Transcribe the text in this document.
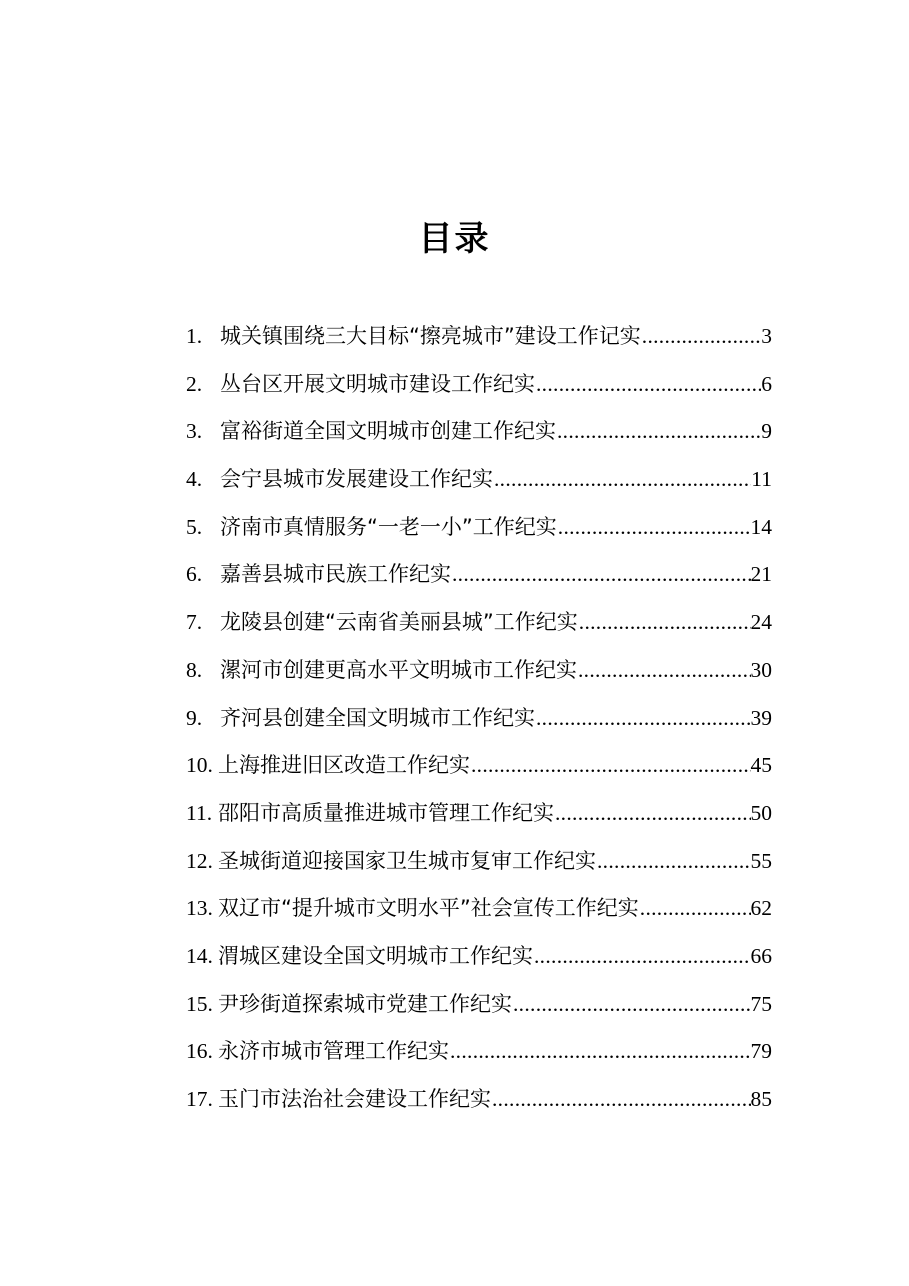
目录
1. 城关镇围绕三大目标“擦亮城市”建设工作记实 .....	3
2. 丛台区开展文明城市建设工作纪实 .....	6
3. 富裕街道全国文明城市创建工作纪实 .....	9
4. 会宁县城市发展建设工作纪实 .....	11
5. 济南市真情服务“一老一小”工作纪实 .....	14
6. 嘉善县城市民族工作纪实 .....	21
7. 龙陵县创建“云南省美丽县城”工作纪实 .....	24
8. 漯河市创建更高水平文明城市工作纪实 .....	30
9. 齐河县创建全国文明城市工作纪实 .....	39
10. 上海推进旧区改造工作纪实 .....	45
11. 邵阳市高质量推进城市管理工作纪实 .....	50
12. 圣城街道迎接国家卫生城市复审工作纪实 .....	55
13. 双辽市“提升城市文明水平”社会宣传工作纪实 .....	62
14. 渭城区建设全国文明城市工作纪实 .....	66
15. 尹珍街道探索城市党建工作纪实 .....	75
16. 永济市城市管理工作纪实 .....	79
17. 玉门市法治社会建设工作纪实 .....	85
